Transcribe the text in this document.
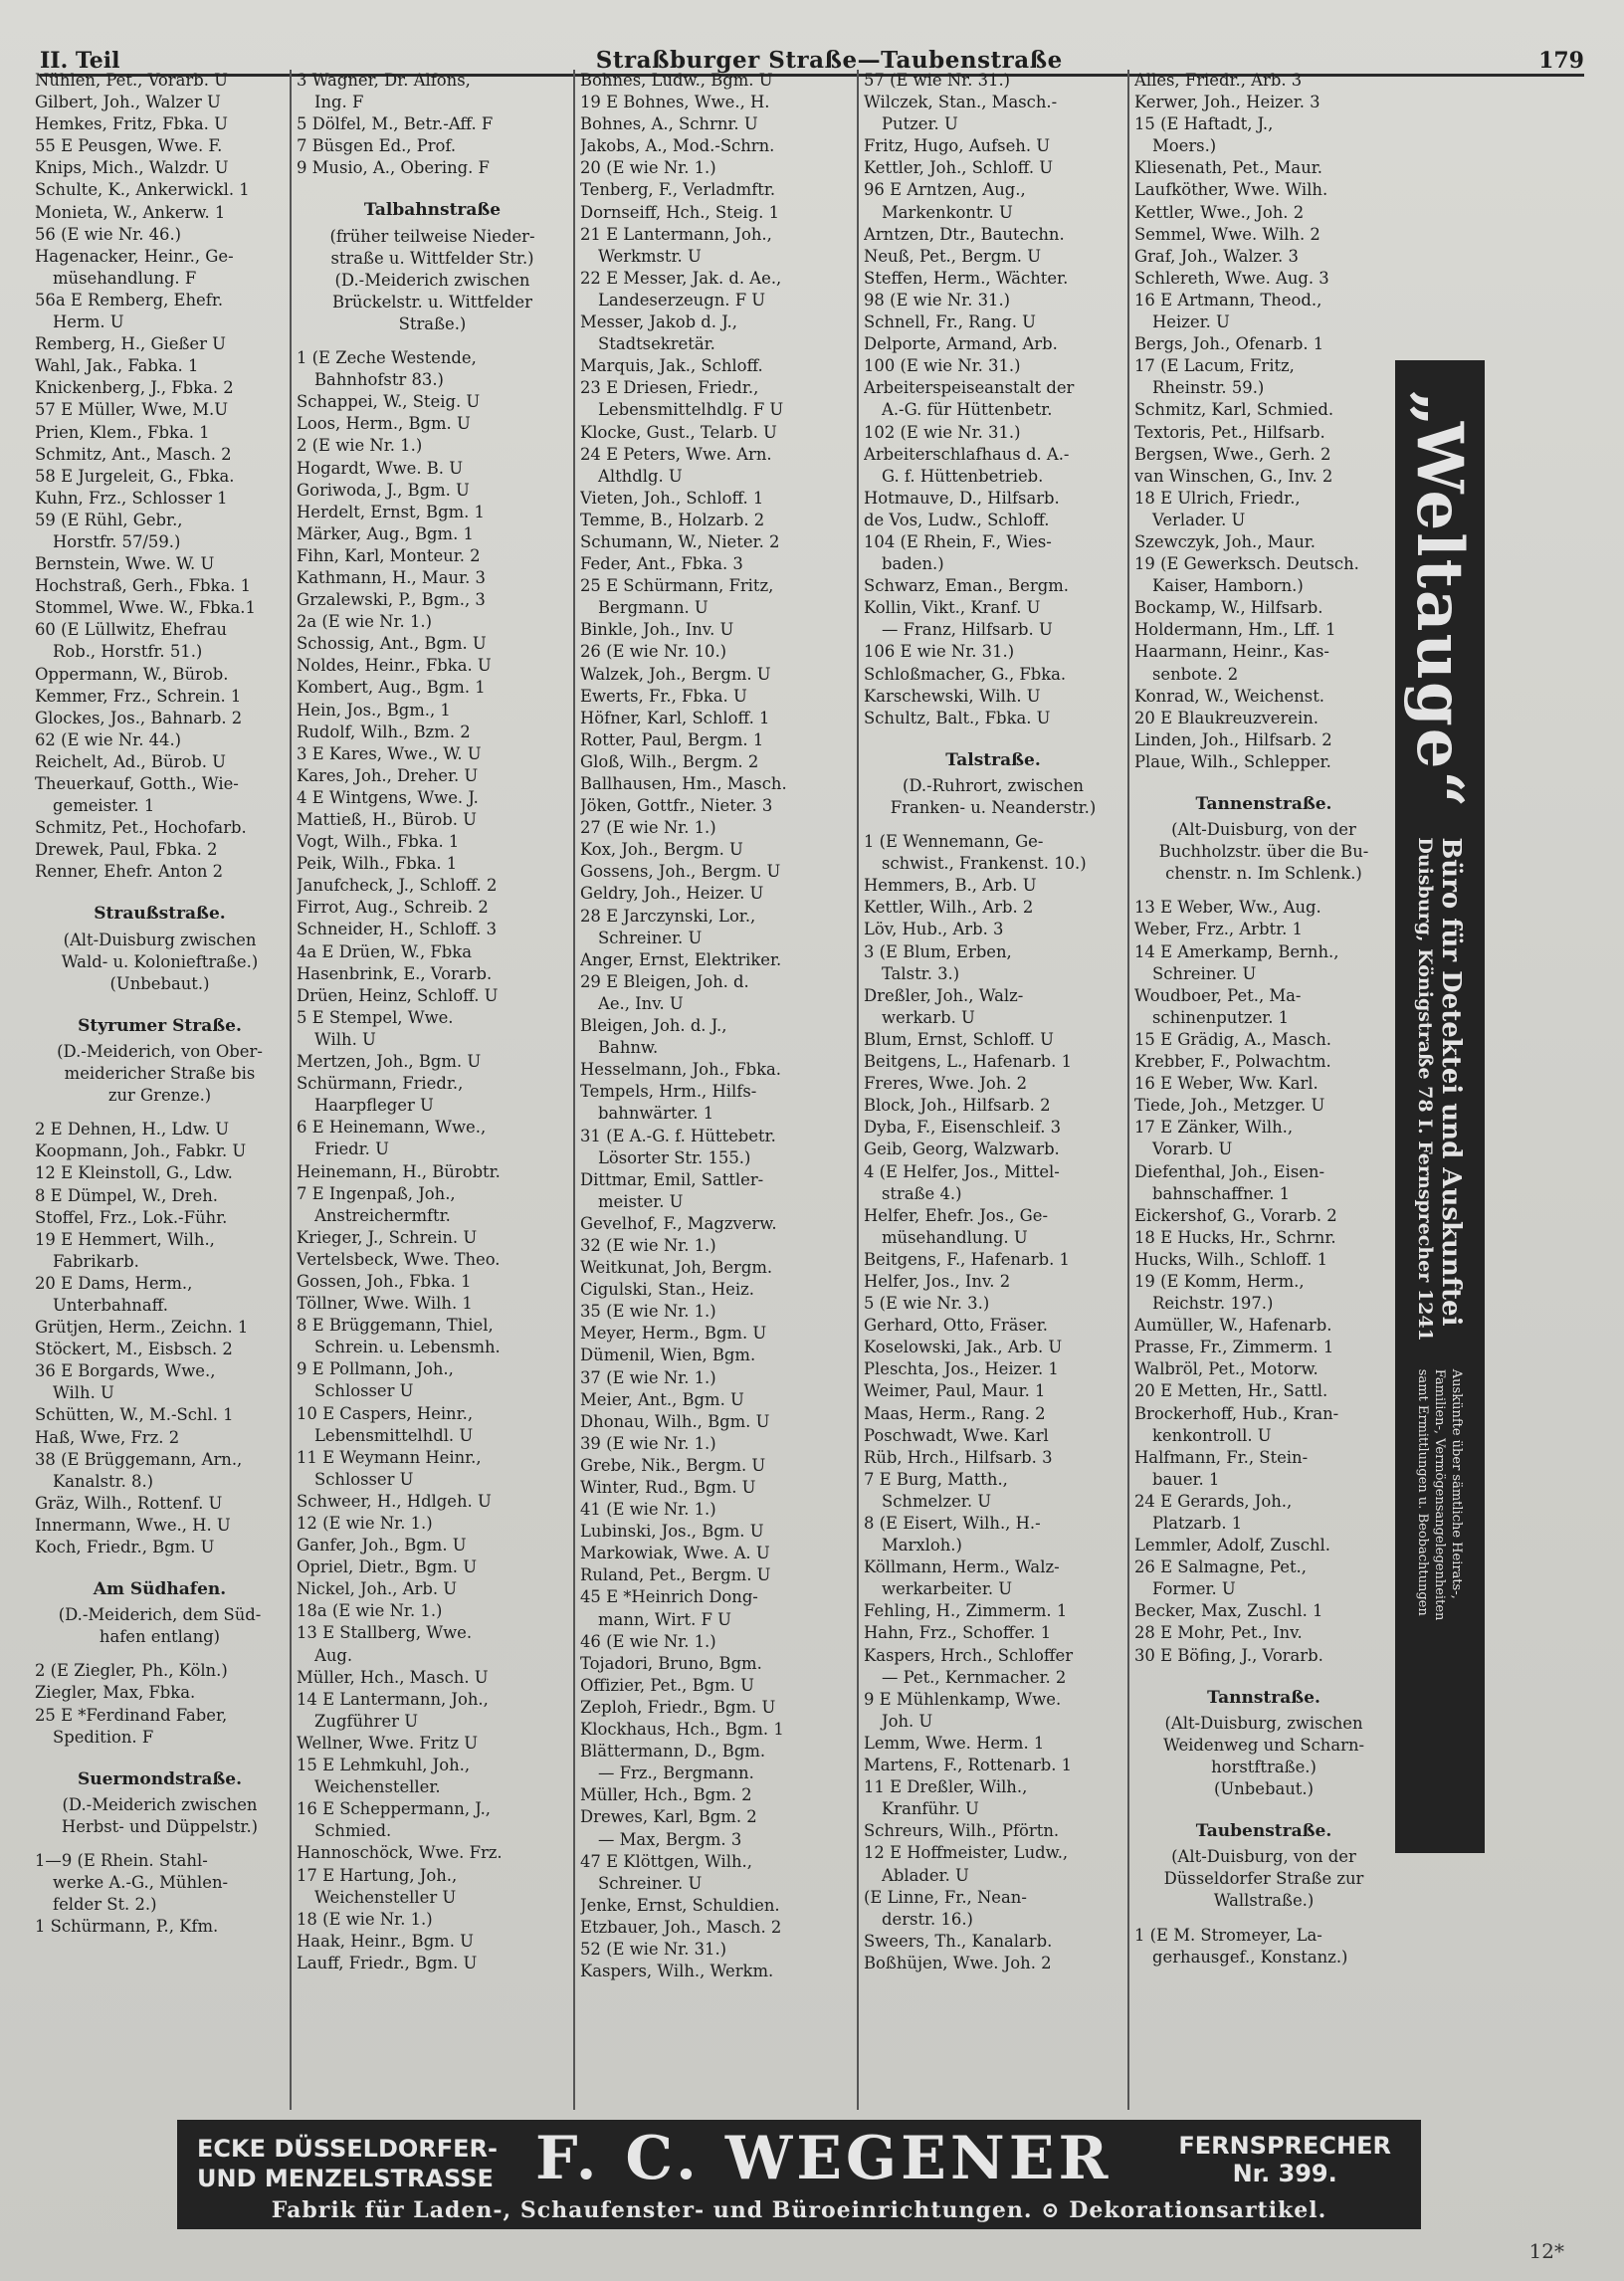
II. Teil	Straßburger Straße—Taubenstraße	179
Nühlen, Pet., Vorarb. U
Gilbert, Joh., Walzer U
Hemkes, Fritz, Fbka. U
55 E Peusgen, Wwe. F.
Knips, Mich., Walzdr. U
Schulte, K., Ankerwickl. 1
Monieta, W., Ankerw. 1
56 (E wie Nr. 46.)
Hagenacker, Heinr., Ge-
müsehandlung. F
56a E Remberg, Ehefr.
Herm. U
Remberg, H., Gießer U
Wahl, Jak., Fabka. 1
Knickenberg, J., Fbka. 2
57 E Müller, Wwe, M.U
Prien, Klem., Fbka. 1
Schmitz, Ant., Masch. 2
58 E Jurgeleit, G., Fbka.
Kuhn, Frz., Schlosser 1
59 (E Rühl, Gebr.,
Horstfr. 57/59.)
Bernstein, Wwe. W. U
Hochstraß, Gerh., Fbka. 1
Stommel, Wwe. W., Fbka.1
60 (E Lüllwitz, Ehefrau
Rob., Horstfr. 51.)
Oppermann, W., Bürob.
Kemmer, Frz., Schrein. 1
Glockes, Jos., Bahnarb. 2
62 (E wie Nr. 44.)
Reichelt, Ad., Bürob. U
Theuerkauf, Gotth., Wie-
gemeister. 1
Schmitz, Pet., Hochofarb.
Drewek, Paul, Fbka. 2
Renner, Ehefr. Anton 2
Straußstraße.
(Alt-Duisburg zwischen
Wald- u. Kolonieftraße.)
(Unbebaut.)
Styrumer Straße.
(D.-Meiderich, von Ober-
meidericher Straße bis
zur Grenze.)
2 E Dehnen, H., Ldw. U
Koopmann, Joh., Fabkr. U
12 E Kleinstoll, G., Ldw.
8 E Dümpel, W., Dreh.
Stoffel, Frz., Lok.-Führ.
19 E Hemmert, Wilh.,
Fabrikarb.
20 E Dams, Herm.,
Unterbahnaff.
Grütjen, Herm., Zeichn. 1
Stöckert, M., Eisbsch. 2
36 E Borgards, Wwe.,
Wilh. U
Schütten, W., M.-Schl. 1
Haß, Wwe, Frz. 2
38 (E Brüggemann, Arn.,
Kanalstr. 8.)
Gräz, Wilh., Rottenf. U
Innermann, Wwe., H. U
Koch, Friedr., Bgm. U
Am Südhafen.
(D.-Meiderich, dem Süd-
hafen entlang)
2 (E Ziegler, Ph., Köln.)
Ziegler, Max, Fbka.
25 E *Ferdinand Faber,
Spedition. F
Suermondstraße.
(D.-Meiderich zwischen
Herbst- und Düppelstr.)
1—9 (E Rhein. Stahl-
werke A.-G., Mühlen-
felder St. 2.)
1 Schürmann, P., Kfm.
3 Wagner, Dr. Alfons,
Ing. F
5 Dölfel, M., Betr.-Aff. F
7 Büsgen Ed., Prof.
9 Musio, A., Obering. F
Talbahnstraße
(früher teilweise Nieder-
straße u. Wittfelder Str.)
(D.-Meiderich zwischen
Brückelstr. u. Wittfelder
Straße.)
1 (E Zeche Westende,
Bahnhofstr 83.)
Schappei, W., Steig. U
Loos, Herm., Bgm. U
2 (E wie Nr. 1.)
Hogardt, Wwe. B. U
Goriwoda, J., Bgm. U
Herdelt, Ernst, Bgm. 1
Märker, Aug., Bgm. 1
Fihn, Karl, Monteur. 2
Kathmann, H., Maur. 3
Grzalewski, P., Bgm., 3
2a (E wie Nr. 1.)
Schossig, Ant., Bgm. U
Noldes, Heinr., Fbka. U
Kombert, Aug., Bgm. 1
Hein, Jos., Bgm., 1
Rudolf, Wilh., Bzm. 2
3 E Kares, Wwe., W. U
Kares, Joh., Dreher. U
4 E Wintgens, Wwe. J.
Mattieß, H., Bürob. U
Vogt, Wilh., Fbka. 1
Peik, Wilh., Fbka. 1
Janufcheck, J., Schloff. 2
Firrot, Aug., Schreib. 2
Schneider, H., Schloff. 3
4a E Drüen, W., Fbka
Hasenbrink, E., Vorarb.
Drüen, Heinz, Schloff. U
5 E Stempel, Wwe.
Wilh. U
Mertzen, Joh., Bgm. U
Schürmann, Friedr.,
Haarpfleger U
6 E Heinemann, Wwe.,
Friedr. U
Heinemann, H., Bürobtr.
7 E Ingenpaß, Joh.,
Anstreichermftr.
Krieger, J., Schrein. U
Vertelsbeck, Wwe. Theo.
Gossen, Joh., Fbka. 1
Töllner, Wwe. Wilh. 1
8 E Brüggemann, Thiel,
Schrein. u. Lebensmh.
9 E Pollmann, Joh.,
Schlosser U
10 E Caspers, Heinr.,
Lebensmittelhdl. U
11 E Weymann Heinr.,
Schlosser U
Schweer, H., Hdlgeh. U
12 (E wie Nr. 1.)
Ganfer, Joh., Bgm. U
Opriel, Dietr., Bgm. U
Nickel, Joh., Arb. U
18a (E wie Nr. 1.)
13 E Stallberg, Wwe.
Aug.
Müller, Hch., Masch. U
14 E Lantermann, Joh.,
Zugführer U
Wellner, Wwe. Fritz U
15 E Lehmkuhl, Joh.,
Weichensteller.
16 E Scheppermann, J.,
Schmied.
Hannoschöck, Wwe. Frz.
17 E Hartung, Joh.,
Weichensteller U
18 (E wie Nr. 1.)
Haak, Heinr., Bgm. U
Lauff, Friedr., Bgm. U
Bohnes, Ludw., Bgm. U
19 E Bohnes, Wwe., H.
Bohnes, A., Schrnr. U
Jakobs, A., Mod.-Schrn.
20 (E wie Nr. 1.)
Tenberg, F., Verladmftr.
Dornseiff, Hch., Steig. 1
21 E Lantermann, Joh.,
Werkmstr. U
22 E Messer, Jak. d. Ae.,
Landeserzeugn. F U
Messer, Jakob d. J.,
Stadtsekretär.
Marquis, Jak., Schloff.
23 E Driesen, Friedr.,
Lebensmittelhdlg. F U
Klocke, Gust., Telarb. U
24 E Peters, Wwe. Arn.
Althdlg. U
Vieten, Joh., Schloff. 1
Temme, B., Holzarb. 2
Schumann, W., Nieter. 2
Feder, Ant., Fbka. 3
25 E Schürmann, Fritz,
Bergmann. U
Binkle, Joh., Inv. U
26 (E wie Nr. 10.)
Walzek, Joh., Bergm. U
Ewerts, Fr., Fbka. U
Höfner, Karl, Schloff. 1
Rotter, Paul, Bergm. 1
Gloß, Wilh., Bergm. 2
Ballhausen, Hm., Masch.
Jöken, Gottfr., Nieter. 3
27 (E wie Nr. 1.)
Kox, Joh., Bergm. U
Gossens, Joh., Bergm. U
Geldry, Joh., Heizer. U
28 E Jarczynski, Lor.,
Schreiner. U
Anger, Ernst, Elektriker.
29 E Bleigen, Joh. d.
Ae., Inv. U
Bleigen, Joh. d. J.,
Bahnw.
Hesselmann, Joh., Fbka.
Tempels, Hrm., Hilfs-
bahnwärter. 1
31 (E A.-G. f. Hüttebetr.
Lösorter Str. 155.)
Dittmar, Emil, Sattler-
meister. U
Gevelhof, F., Magzverw.
32 (E wie Nr. 1.)
Weitkunat, Joh, Bergm.
Cigulski, Stan., Heiz.
35 (E wie Nr. 1.)
Meyer, Herm., Bgm. U
Dümenil, Wien, Bgm.
37 (E wie Nr. 1.)
Meier, Ant., Bgm. U
Dhonau, Wilh., Bgm. U
39 (E wie Nr. 1.)
Grebe, Nik., Bergm. U
Winter, Rud., Bgm. U
41 (E wie Nr. 1.)
Lubinski, Jos., Bgm. U
Markowiak, Wwe. A. U
Ruland, Pet., Bergm. U
45 E *Heinrich Dong-
mann, Wirt. F U
46 (E wie Nr. 1.)
Tojadori, Bruno, Bgm.
Offizier, Pet., Bgm. U
Zeploh, Friedr., Bgm. U
Klockhaus, Hch., Bgm. 1
Blättermann, D., Bgm.
— Frz., Bergmann.
Müller, Hch., Bgm. 2
Drewes, Karl, Bgm. 2
— Max, Bergm. 3
47 E Klöttgen, Wilh.,
Schreiner. U
Jenke, Ernst, Schuldien.
Etzbauer, Joh., Masch. 2
52 (E wie Nr. 31.)
Kaspers, Wilh., Werkm.
57 (E wie Nr. 31.)
Wilczek, Stan., Masch.-
Putzer. U
Fritz, Hugo, Aufseh. U
Kettler, Joh., Schloff. U
96 E Arntzen, Aug.,
Markenkontr. U
Arntzen, Dtr., Bautechn.
Neuß, Pet., Bergm. U
Steffen, Herm., Wächter.
98 (E wie Nr. 31.)
Schnell, Fr., Rang. U
Delporte, Armand, Arb.
100 (E wie Nr. 31.)
Arbeiterspeiseanstalt der
A.-G. für Hüttenbetr.
102 (E wie Nr. 31.)
Arbeiterschlafhaus d. A.-
G. f. Hüttenbetrieb.
Hotmauve, D., Hilfsarb.
de Vos, Ludw., Schloff.
104 (E Rhein, F., Wies-
baden.)
Schwarz, Eman., Bergm.
Kollin, Vikt., Kranf. U
— Franz, Hilfsarb. U
106 E wie Nr. 31.)
Schloßmacher, G., Fbka.
Karschewski, Wilh. U
Schultz, Balt., Fbka. U
Talstraße.
(D.-Ruhrort, zwischen
Franken- u. Neanderstr.)
1 (E Wennemann, Ge-
schwist., Frankenst. 10.)
Hemmers, B., Arb. U
Kettler, Wilh., Arb. 2
Löv, Hub., Arb. 3
3 (E Blum, Erben,
Talstr. 3.)
Dreßler, Joh., Walz-
werkarb. U
Blum, Ernst, Schloff. U
Beitgens, L., Hafenarb. 1
Freres, Wwe. Joh. 2
Block, Joh., Hilfsarb. 2
Dyba, F., Eisenschleif. 3
Geib, Georg, Walzwarb.
4 (E Helfer, Jos., Mittel-
straße 4.)
Helfer, Ehefr. Jos., Ge-
müsehandlung. U
Beitgens, F., Hafenarb. 1
Helfer, Jos., Inv. 2
5 (E wie Nr. 3.)
Gerhard, Otto, Fräser.
Koselowski, Jak., Arb. U
Pleschta, Jos., Heizer. 1
Weimer, Paul, Maur. 1
Maas, Herm., Rang. 2
Poschwadt, Wwe. Karl
Rüb, Hrch., Hilfsarb. 3
7 E Burg, Matth.,
Schmelzer. U
8 (E Eisert, Wilh., H.-
Marxloh.)
Köllmann, Herm., Walz-
werkarbeiter. U
Fehling, H., Zimmerm. 1
Hahn, Frz., Schoffer. 1
Kaspers, Hrch., Schloffer
— Pet., Kernmacher. 2
9 E Mühlenkamp, Wwe.
Joh. U
Lemm, Wwe. Herm. 1
Martens, F., Rottenarb. 1
11 E Dreßler, Wilh.,
Kranführ. U
Schreurs, Wilh., Pförtn.
12 E Hoffmeister, Ludw.,
Ablader. U
(E Linne, Fr., Nean-
derstr. 16.)
Sweers, Th., Kanalarb.
Boßhüjen, Wwe. Joh. 2
Alles, Friedr., Arb. 3
Kerwer, Joh., Heizer. 3
15 (E Haftadt, J.,
Moers.)
Kliesenath, Pet., Maur.
Laufköther, Wwe. Wilh.
Kettler, Wwe., Joh. 2
Semmel, Wwe. Wilh. 2
Graf, Joh., Walzer. 3
Schlereth, Wwe. Aug. 3
16 E Artmann, Theod.,
Heizer. U
Bergs, Joh., Ofenarb. 1
17 (E Lacum, Fritz,
Rheinstr. 59.)
Schmitz, Karl, Schmied.
Textoris, Pet., Hilfsarb.
Bergsen, Wwe., Gerh. 2
van Winschen, G., Inv. 2
18 E Ulrich, Friedr.,
Verlader. U
Szewczyk, Joh., Maur.
19 (E Gewerksch. Deutsch.
Kaiser, Hamborn.)
Bockamp, W., Hilfsarb.
Holdermann, Hm., Lff. 1
Haarmann, Heinr., Kas-
senbote. 2
Konrad, W., Weichenst.
20 E Blaukreuzverein.
Linden, Joh., Hilfsarb. 2
Plaue, Wilh., Schlepper.
Tannenstraße.
(Alt-Duisburg, von der
Buchholzstr. über die Bu-
chenstr. n. Im Schlenk.)
13 E Weber, Ww., Aug.
Weber, Frz., Arbtr. 1
14 E Amerkamp, Bernh.,
Schreiner. U
Woudboer, Pet., Ma-
schinenputzer. 1
15 E Grädig, A., Masch.
Krebber, F., Polwachtm.
16 E Weber, Ww. Karl.
Tiede, Joh., Metzger. U
17 E Zänker, Wilh.,
Vorarb. U
Diefenthal, Joh., Eisen-
bahnschaffner. 1
Eickershof, G., Vorarb. 2
18 E Hucks, Hr., Schrnr.
Hucks, Wilh., Schloff. 1
19 (E Komm, Herm.,
Reichstr. 197.)
Aumüller, W., Hafenarb.
Prasse, Fr., Zimmerm. 1
Walbröl, Pet., Motorw.
20 E Metten, Hr., Sattl.
Brockerhoff, Hub., Kran-
kenkontroll. U
Halfmann, Fr., Stein-
bauer. 1
24 E Gerards, Joh.,
Platzarb. 1
Lemmler, Adolf, Zuschl.
26 E Salmagne, Pet.,
Former. U
Becker, Max, Zuschl. 1
28 E Mohr, Pet., Inv.
30 E Böfing, J., Vorarb.
Tannstraße.
(Alt-Duisburg, zwischen
Weidenweg und Scharn-
horstftraße.)
(Unbebaut.)
Taubenstraße.
(Alt-Duisburg, von der
Düsseldorfer Straße zur
Wallstraße.)
1 (E M. Stromeyer, La-
gerhausgef., Konstanz.)
„Weltauge“
Büro für Detektei und Auskunftei
Duisburg, Königstraße 78 I. Fernsprecher 1241
Auskünfte über sämtliche Heirats-,
Familien-, Vermögensangelegenheiten
samt Ermittlungen u. Beobachtungen
ECKE DÜSSELDORFER-
UND MENZELSTRASSE F. C. WEGENER	FERNSPRECHER
Nr. 399.
Fabrik für Laden-, Schaufenster- und Büroeinrichtungen. ⊙ Dekorationsartikel.
12*
